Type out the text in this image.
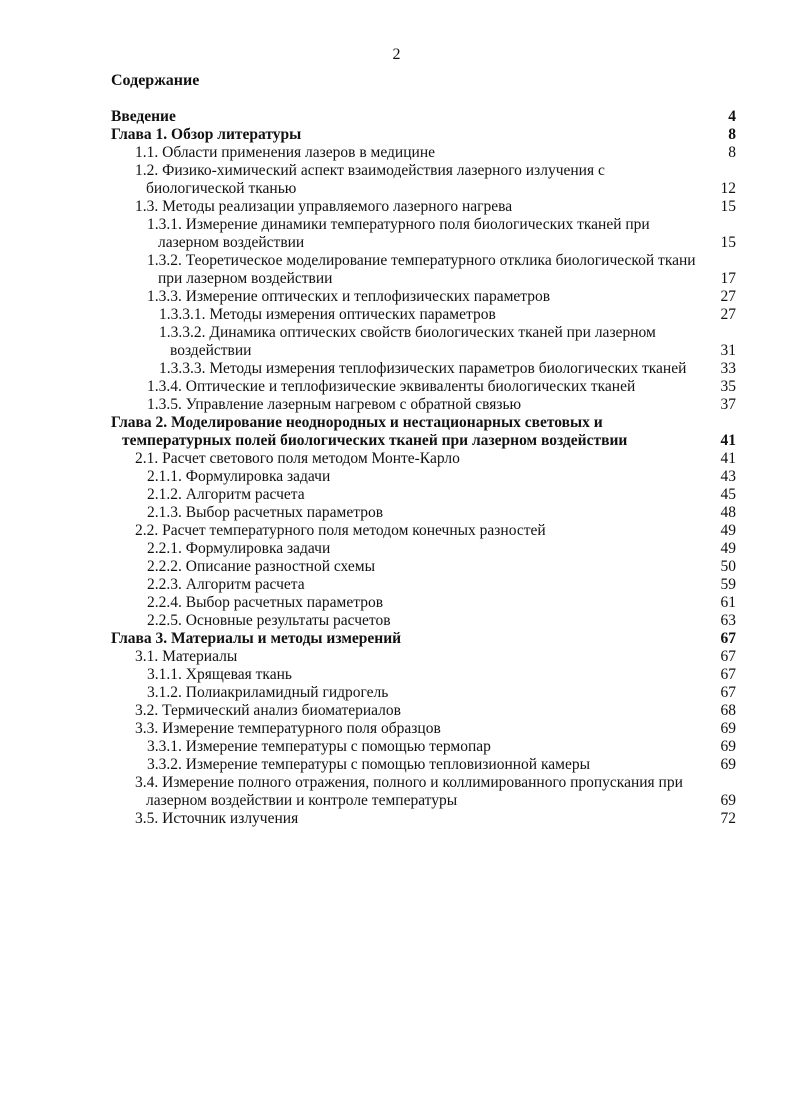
2
Содержание
Введение	4
Глава 1. Обзор литературы	8
1.1. Области применения лазеров в медицине	8
1.2. Физико-химический аспект взаимодействия лазерного излучения с биологической тканью	12
1.3. Методы реализации управляемого лазерного нагрева	15
1.3.1. Измерение динамики температурного поля биологических тканей при лазерном воздействии	15
1.3.2. Теоретическое моделирование температурного отклика биологической ткани при лазерном воздействии	17
1.3.3. Измерение оптических и теплофизических параметров	27
1.3.3.1. Методы измерения оптических параметров	27
1.3.3.2. Динамика оптических свойств биологических тканей при лазерном воздействии	31
1.3.3.3. Методы измерения теплофизических параметров биологических тканей	33
1.3.4. Оптические и теплофизические эквиваленты биологических тканей	35
1.3.5. Управление лазерным нагревом с обратной связью	37
Глава 2. Моделирование неоднородных и нестационарных световых и температурных полей биологических тканей при лазерном воздействии	41
2.1. Расчет светового поля методом Монте-Карло	41
2.1.1. Формулировка задачи	43
2.1.2. Алгоритм расчета	45
2.1.3. Выбор расчетных параметров	48
2.2. Расчет температурного поля методом конечных разностей	49
2.2.1. Формулировка задачи	49
2.2.2. Описание разностной схемы	50
2.2.3. Алгоритм расчета	59
2.2.4. Выбор расчетных параметров	61
2.2.5. Основные результаты расчетов	63
Глава 3. Материалы и методы измерений	67
3.1. Материалы	67
3.1.1. Хрящевая ткань	67
3.1.2. Полиакриламидный гидрогель	67
3.2. Термический анализ биоматериалов	68
3.3. Измерение температурного поля образцов	69
3.3.1. Измерение температуры с помощью термопар	69
3.3.2. Измерение температуры с помощью тепловизионной камеры	69
3.4. Измерение полного отражения, полного и коллимированного пропускания при лазерном воздействии и контроле температуры	69
3.5. Источник излучения	72
